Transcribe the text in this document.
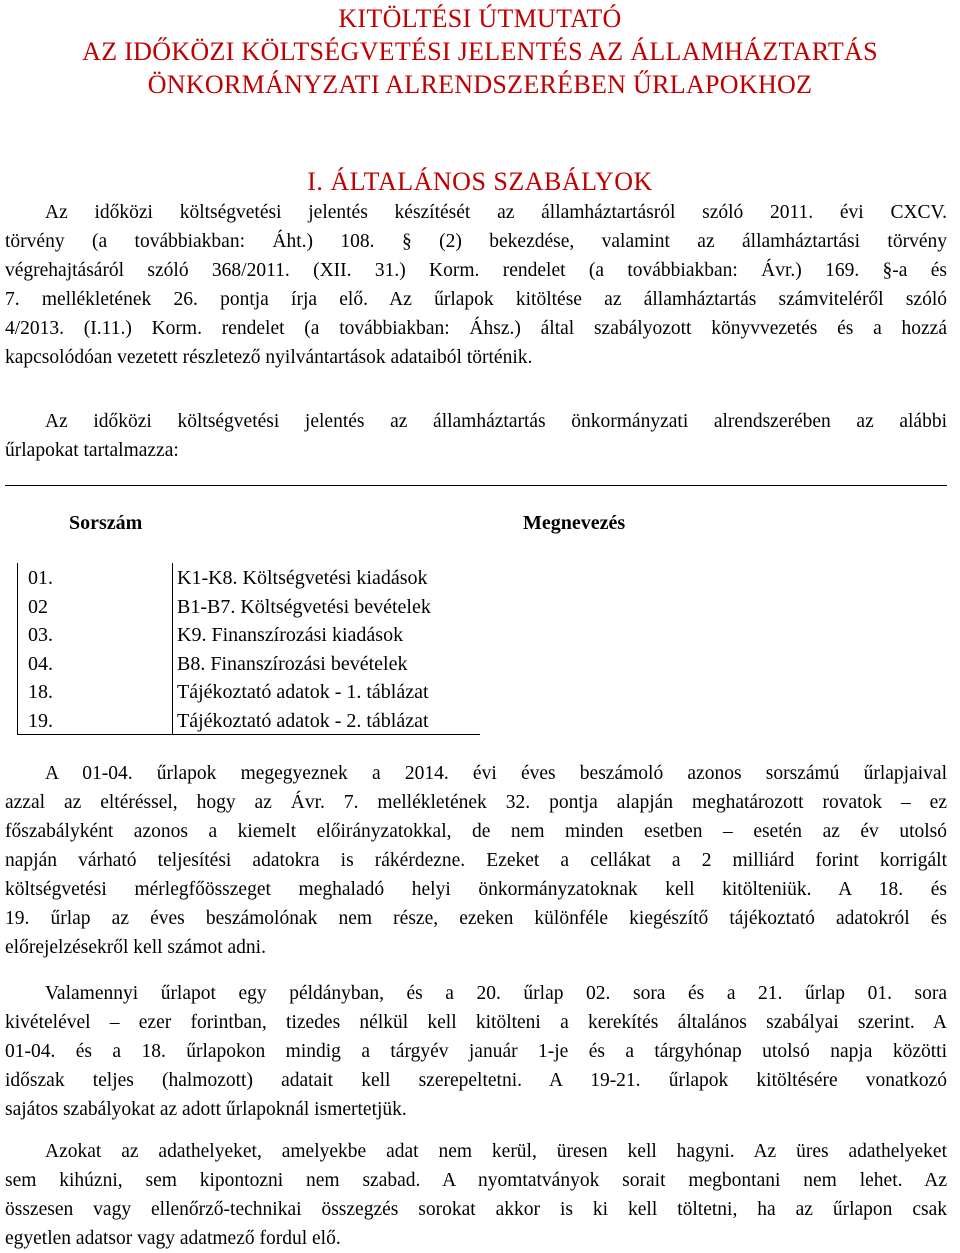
KITÖLTÉSI ÚTMUTATÓ
AZ IDŐKÖZI KÖLTSÉGVETÉSI JELENTÉS AZ ÁLLAMHÁZTARTÁS
ÖNKORMÁNYZATI ALRENDSZERÉBEN ŰRLAPOKHOZ
I. ÁLTALÁNOS SZABÁLYOK
Az időközi költségvetési jelentés készítését az államháztartásról szóló 2011. évi CXCV.
törvény (a továbbiakban: Áht.) 108. § (2) bekezdése, valamint az államháztartási törvény
végrehajtásáról szóló 368/2011. (XII. 31.) Korm. rendelet (a továbbiakban: Ávr.) 169. §-a és
7. mellékletének 26. pontja írja elő. Az űrlapok kitöltése az államháztartás számviteléről szóló
4/2013. (I.11.) Korm. rendelet (a továbbiakban: Áhsz.) által szabályozott könyvvezetés és a hozzá
kapcsolódóan vezetett részletező nyilvántartások adataiból történik.
Az időközi költségvetési jelentés az államháztartás önkormányzati alrendszerében az alábbi
űrlapokat tartalmazza:
Sorszám	Megnevezés
01.	K1-K8. Költségvetési kiadások
02	B1-B7. Költségvetési bevételek
03.	K9. Finanszírozási kiadások
04.	B8. Finanszírozási bevételek
18.	Tájékoztató adatok - 1. táblázat
19.	Tájékoztató adatok - 2. táblázat
A 01-04. űrlapok megegyeznek a 2014. évi éves beszámoló azonos sorszámú űrlapjaival
azzal az eltéréssel, hogy az Ávr. 7. mellékletének 32. pontja alapján meghatározott rovatok – ez
főszabályként azonos a kiemelt előirányzatokkal, de nem minden esetben – esetén az év utolsó
napján várható teljesítési adatokra is rákérdezne. Ezeket a cellákat a 2 milliárd forint korrigált
költségvetési mérlegfőösszeget meghaladó helyi önkormányzatoknak kell kitölteniük. A 18. és
19. űrlap az éves beszámolónak nem része, ezeken különféle kiegészítő tájékoztató adatokról és
előrejelzésekről kell számot adni.
Valamennyi űrlapot egy példányban, és a 20. űrlap 02. sora és a 21. űrlap 01. sora
kivételével – ezer forintban, tizedes nélkül kell kitölteni a kerekítés általános szabályai szerint. A
01-04. és a 18. űrlapokon mindig a tárgyév január 1-je és a tárgyhónap utolsó napja közötti
időszak teljes (halmozott) adatait kell szerepeltetni. A 19-21. űrlapok kitöltésére vonatkozó
sajátos szabályokat az adott űrlapoknál ismertetjük.
Azokat az adathelyeket, amelyekbe adat nem kerül, üresen kell hagyni. Az üres adathelyeket
sem kihúzni, sem kipontozni nem szabad. A nyomtatványok sorait megbontani nem lehet. Az
összesen vagy ellenőrző-technikai összegzés sorokat akkor is ki kell töltetni, ha az űrlapon csak
egyetlen adatsor vagy adatmező fordul elő.
